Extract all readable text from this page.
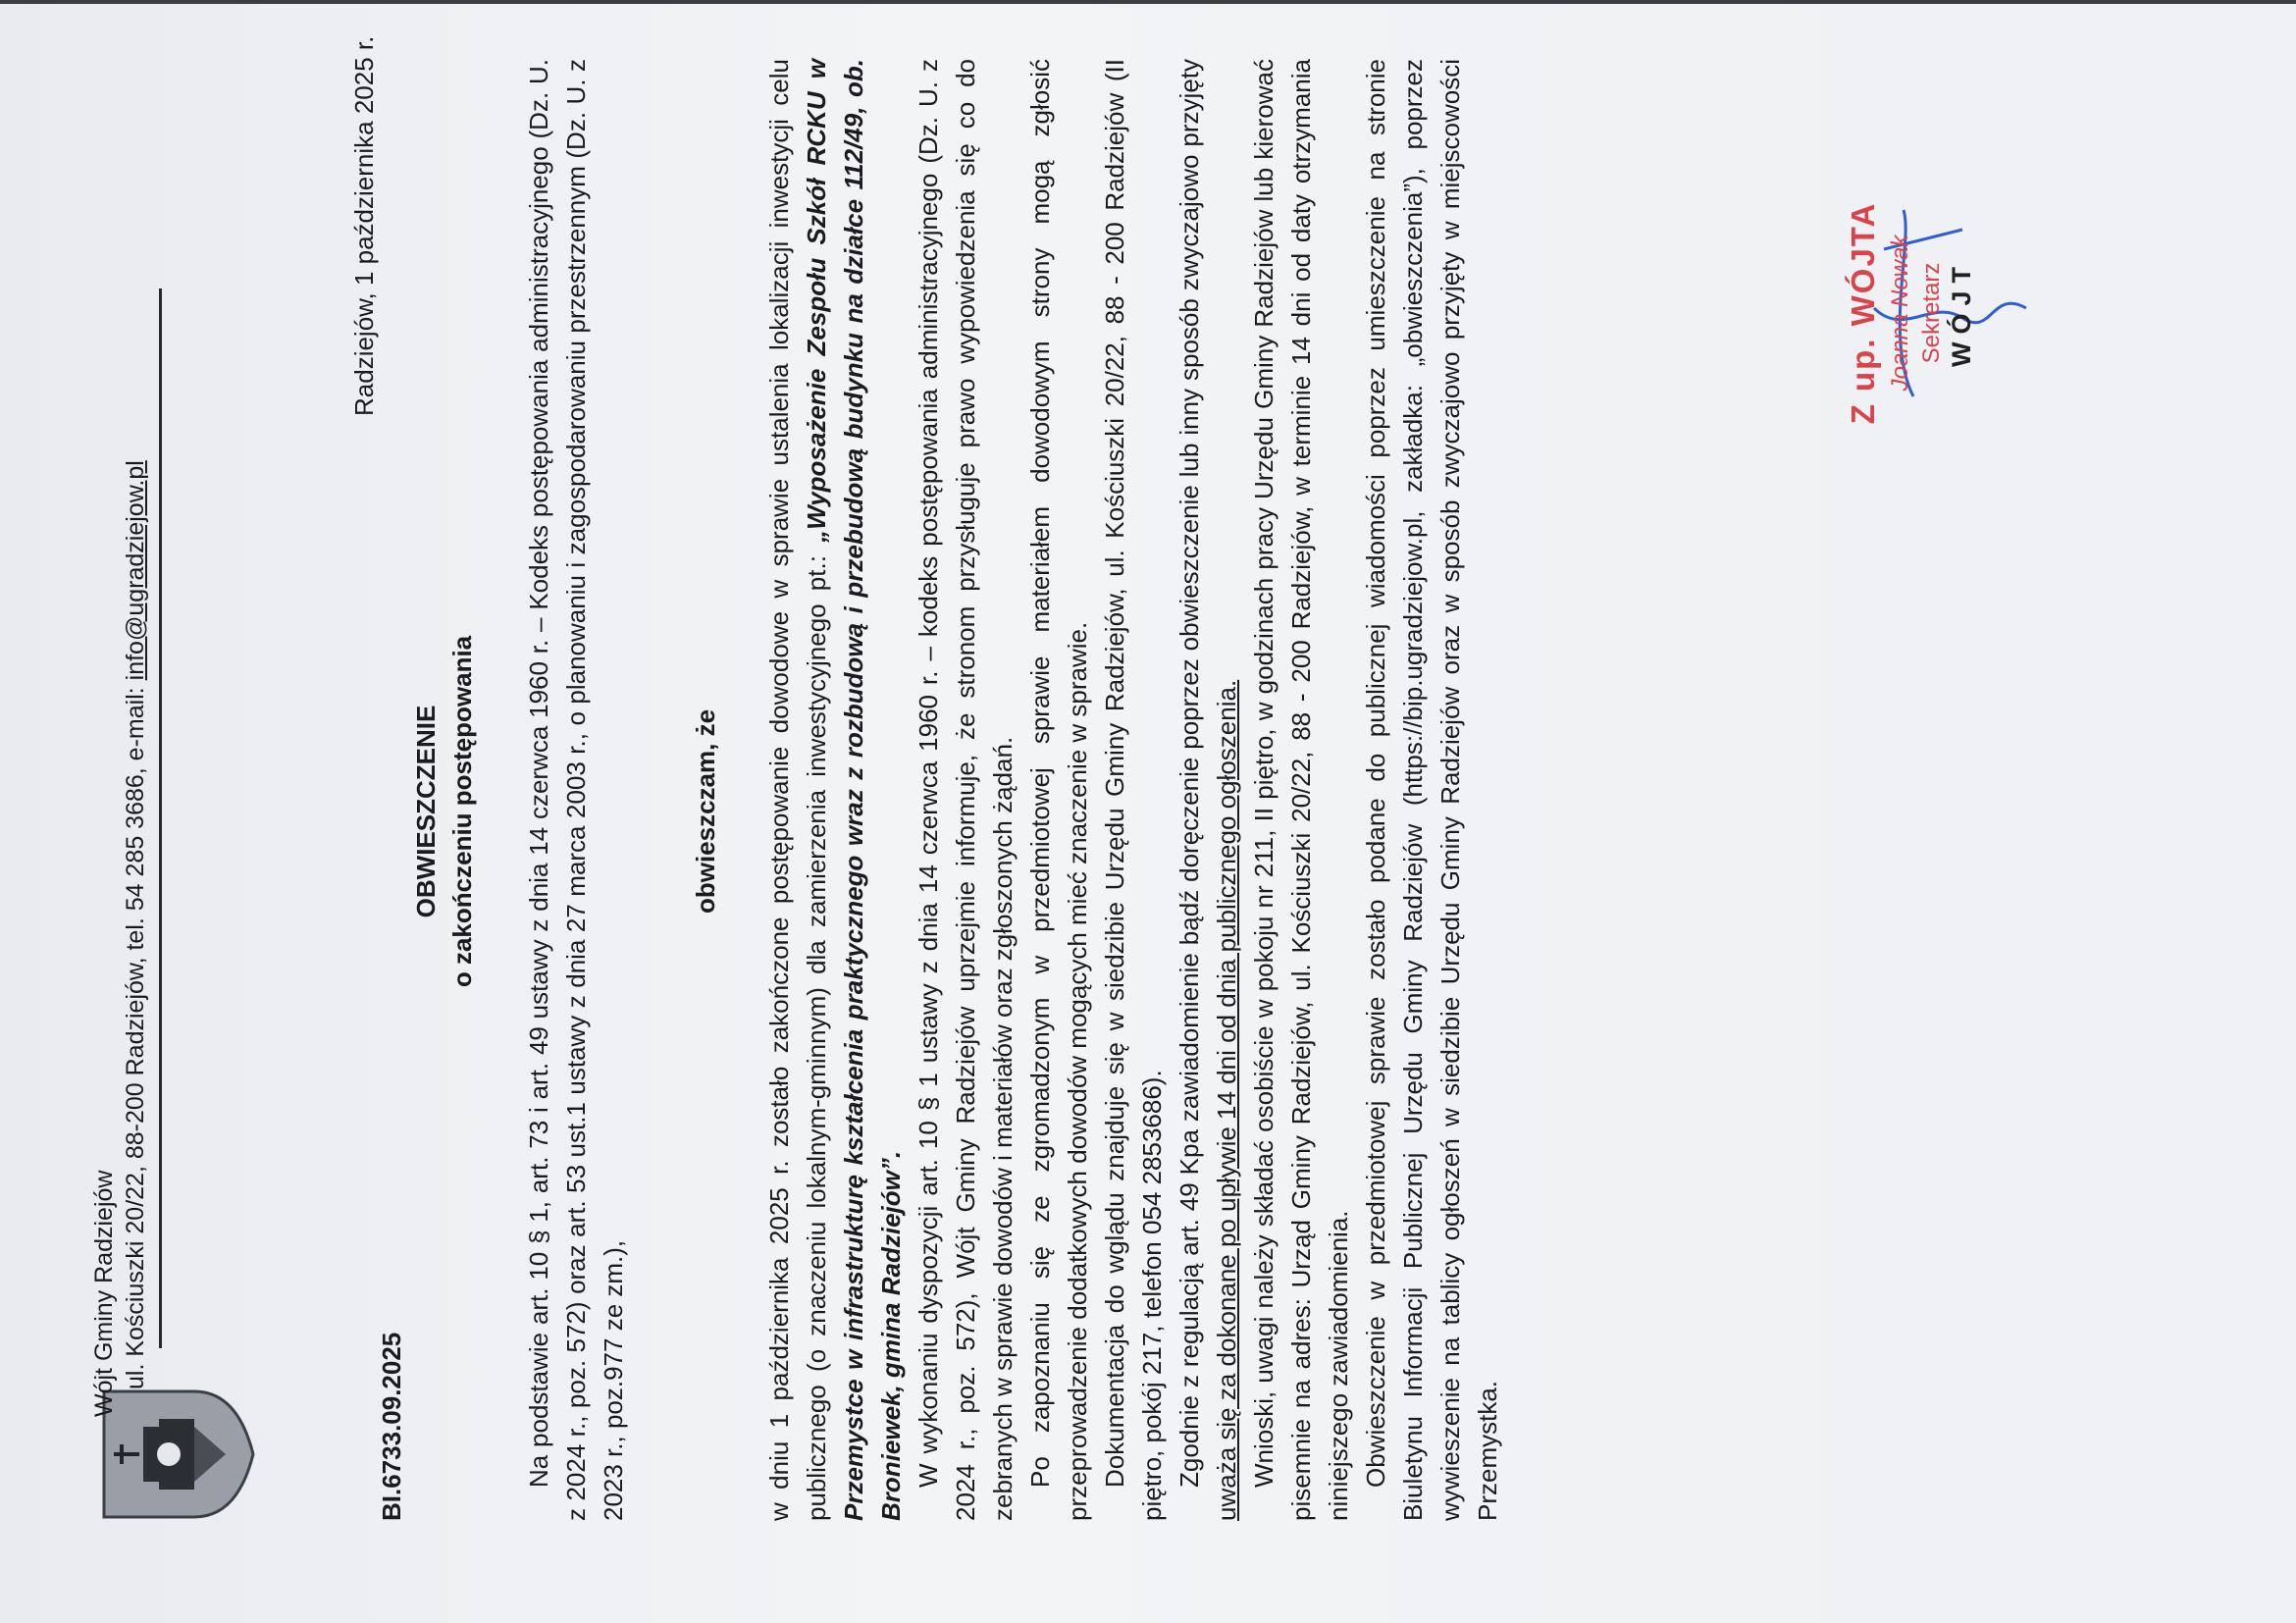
Wójt Gminy Radziejów ul. Kościuszki 20/22, 88-200 Radziejów, tel. 54 285 3686, e-mail: info@ugradziejow.pl
Radziejów, 1 października 2025 r.
BI.6733.09.2025
OBWIESZCZENIE o zakończeniu postępowania Na podstawie art. 10 § 1, art. 73 i art. 49 ustawy z dnia 14 czerwca 1960 r. – Kodeks postępowania administracyjnego (Dz. U. z 2024 r., poz. 572) oraz art. 53 ust.1 ustawy z dnia 27 marca 2003 r., o planowaniu i zagospodarowaniu przestrzennym (Dz. U. z 2023 r., poz.977 ze zm.),
obwieszczam, że w dniu 1 października 2025 r. zostało zakończone postępowanie dowodowe w sprawie ustalenia lokalizacji inwestycji celu publicznego (o znaczeniu lokalnym-gminnym) dla zamierzenia inwestycyjnego pt.: „Wyposażenie Zespołu Szkół RCKU w Przemystce w infrastrukturę kształcenia praktycznego wraz z rozbudową i przebudową budynku na działce 112/49, ob. Broniewek, gmina Radziejów”. W wykonaniu dyspozycji art. 10 § 1 ustawy z dnia 14 czerwca 1960 r. – kodeks postępowania administracyjnego (Dz. U. z 2024 r., poz. 572), Wójt Gminy Radziejów uprzejmie informuje, że stronom przysługuje prawo wypowiedzenia się co do zebranych w sprawie dowodów i materiałów oraz zgłoszonych żądań. Po zapoznaniu się ze zgromadzonym w przedmiotowej sprawie materiałem dowodowym strony mogą zgłosić przeprowadzenie dodatkowych dowodów mogących mieć znaczenie w sprawie. Dokumentacja do wglądu znajduje się w siedzibie Urzędu Gminy Radziejów, ul. Kościuszki 20/22, 88 - 200 Radziejów (II piętro, pokój 217, telefon 054 2853686). Zgodnie z regulacją art. 49 Kpa zawiadomienie bądź doręczenie poprzez obwieszczenie lub inny sposób zwyczajowo przyjęty uważa się za dokonane po upływie 14 dni od dnia publicznego ogłoszenia. Wnioski, uwagi należy składać osobiście w pokoju nr 211, II piętro, w godzinach pracy Urzędu Gminy Radziejów lub kierować pisemnie na adres: Urząd Gminy Radziejów, ul. Kościuszki 20/22, 88 - 200 Radziejów, w terminie 14 dni od daty otrzymania niniejszego zawiadomienia. Obwieszczenie w przedmiotowej sprawie zostało podane do publicznej wiadomości poprzez umieszczenie na stronie Biuletynu Informacji Publicznej Urzędu Gminy Radziejów (https://bip.ugradziejow.pl, zakładka: „obwieszczenia”), poprzez wywieszenie na tablicy ogłoszeń w siedzibie Urzędu Gminy Radziejów oraz w sposób zwyczajowo przyjęty w miejscowości Przemystka.

Z up. WÓJTA Joanna Nowak Sekretarz WÓJT
